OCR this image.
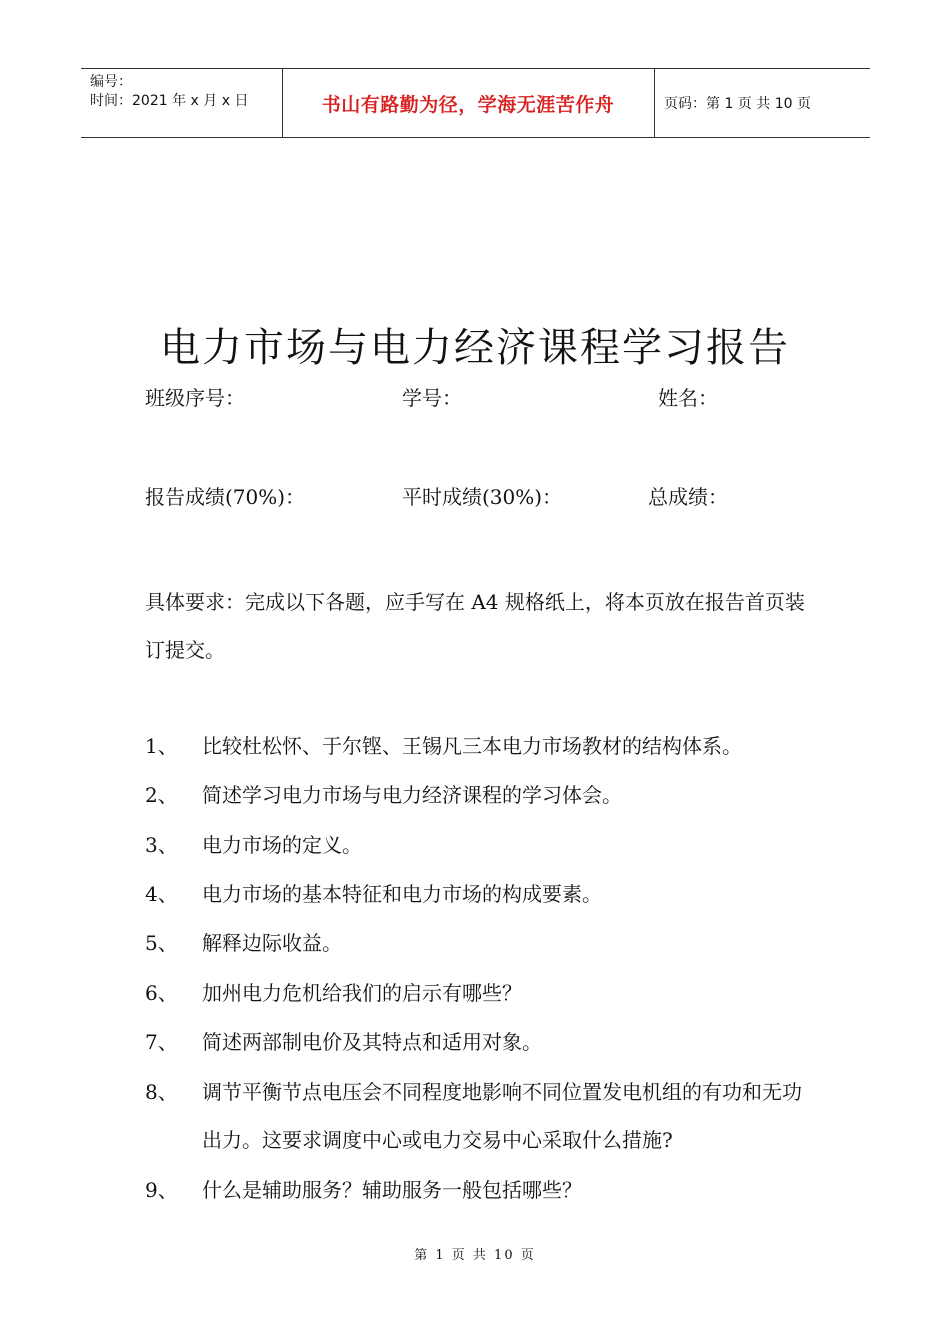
编号：
时间：2021 年 x 月 x 日	书山有路勤为径，学海无涯苦作舟	页码：第 1 页 共 10 页
电力市场与电力经济课程学习报告
班级序号：	学号：	姓名：
报告成绩(70%)：	平时成绩(30%)：	总成绩：
具体要求：完成以下各题，应手写在 A4 规格纸上，将本页放在报告首页装订提交。
1、	比较杜松怀、于尔铿、王锡凡三本电力市场教材的结构体系。
2、	简述学习电力市场与电力经济课程的学习体会。
3、	电力市场的定义。
4、	电力市场的基本特征和电力市场的构成要素。
5、	解释边际收益。
6、	加州电力危机给我们的启示有哪些？
7、	简述两部制电价及其特点和适用对象。
8、	调节平衡节点电压会不同程度地影响不同位置发电机组的有功和无功出力。这要求调度中心或电力交易中心采取什么措施?
9、	什么是辅助服务？辅助服务一般包括哪些？
第 1 页 共 10 页
